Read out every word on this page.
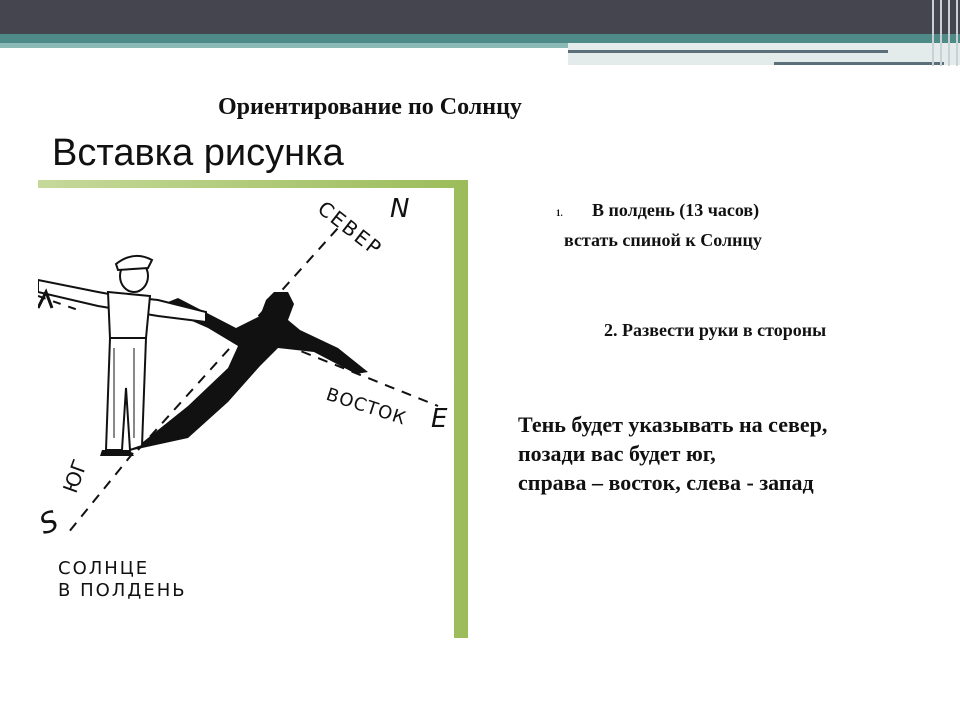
Ориентирование по Солнцу
Вставка рисунка
СЕВЕР N
ВОСТОК E
ЮГ
S
СОЛНЦЕ
В ПОЛДЕНЬ
1. В полдень (13 часов)
встать спиной к Солнцу
2. Развести руки в стороны
Тень будет указывать на север,
позади вас будет юг,
справа – восток, слева - запад
